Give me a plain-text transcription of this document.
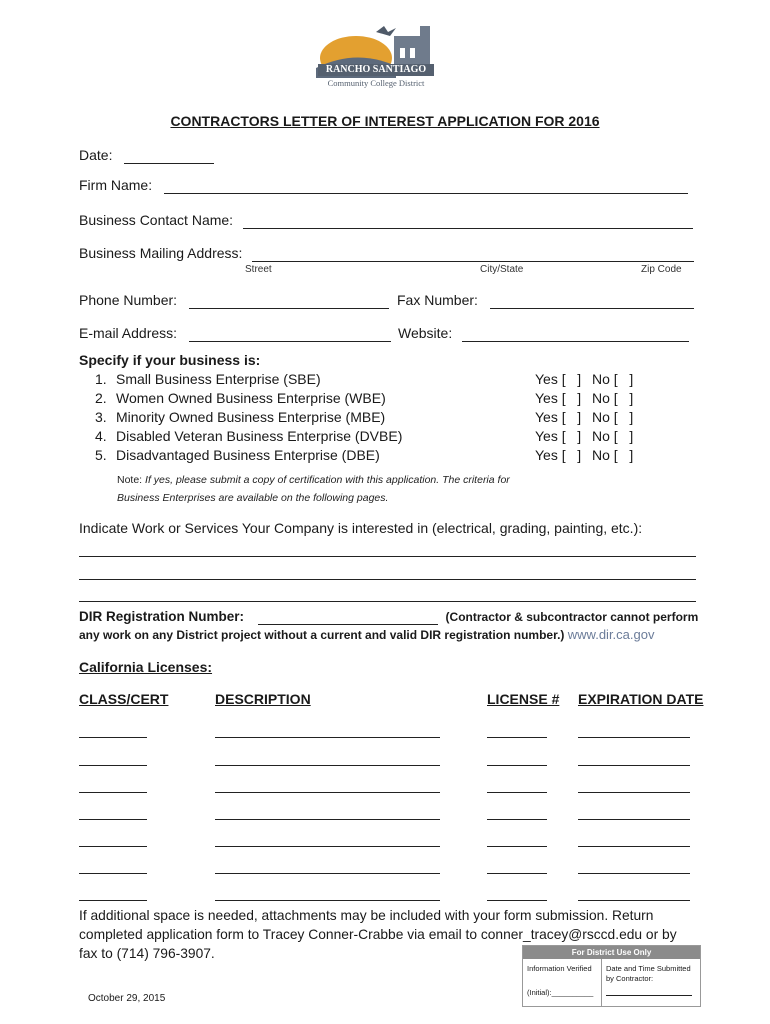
RANCHO SANTIAGO
Community College District
CONTRACTORS LETTER OF INTEREST APPLICATION FOR 2016
Date:
Firm Name:
Business Contact Name:
Business Mailing Address:
Street	City/State	Zip Code
Phone Number:	Fax Number:
E-mail Address:	Website:
Specify if your business is:
1. Small Business Enterprise (SBE)	Yes [   ] No [   ]
2. Women Owned Business Enterprise (WBE)	Yes [   ] No [   ]
3. Minority Owned Business Enterprise (MBE)	Yes [   ] No [   ]
4. Disabled Veteran Business Enterprise (DVBE)	Yes [   ] No [   ]
5. Disadvantaged Business Enterprise (DBE)	Yes [   ] No [   ]
Note: If yes, please submit a copy of certification with this application. The criteria for
Business Enterprises are available on the following pages.
Indicate Work or Services Your Company is interested in (electrical, grading, painting, etc.):
DIR Registration Number:	(Contractor & subcontractor cannot perform
any work on any District project without a current and valid DIR registration number.) www.dir.ca.gov
California Licenses:
CLASS/CERT	DESCRIPTION	LICENSE # EXPIRATION DATE
If additional space is needed, attachments may be included with your form submission. Return
completed application form to Tracey Conner-Crabbe via email to conner_tracey@rsccd.edu or by
fax to (714) 796-3907.	For District Use Only
Information Verified
(Initial):__________
Date and Time Submitted
by Contractor:
October 29, 2015
